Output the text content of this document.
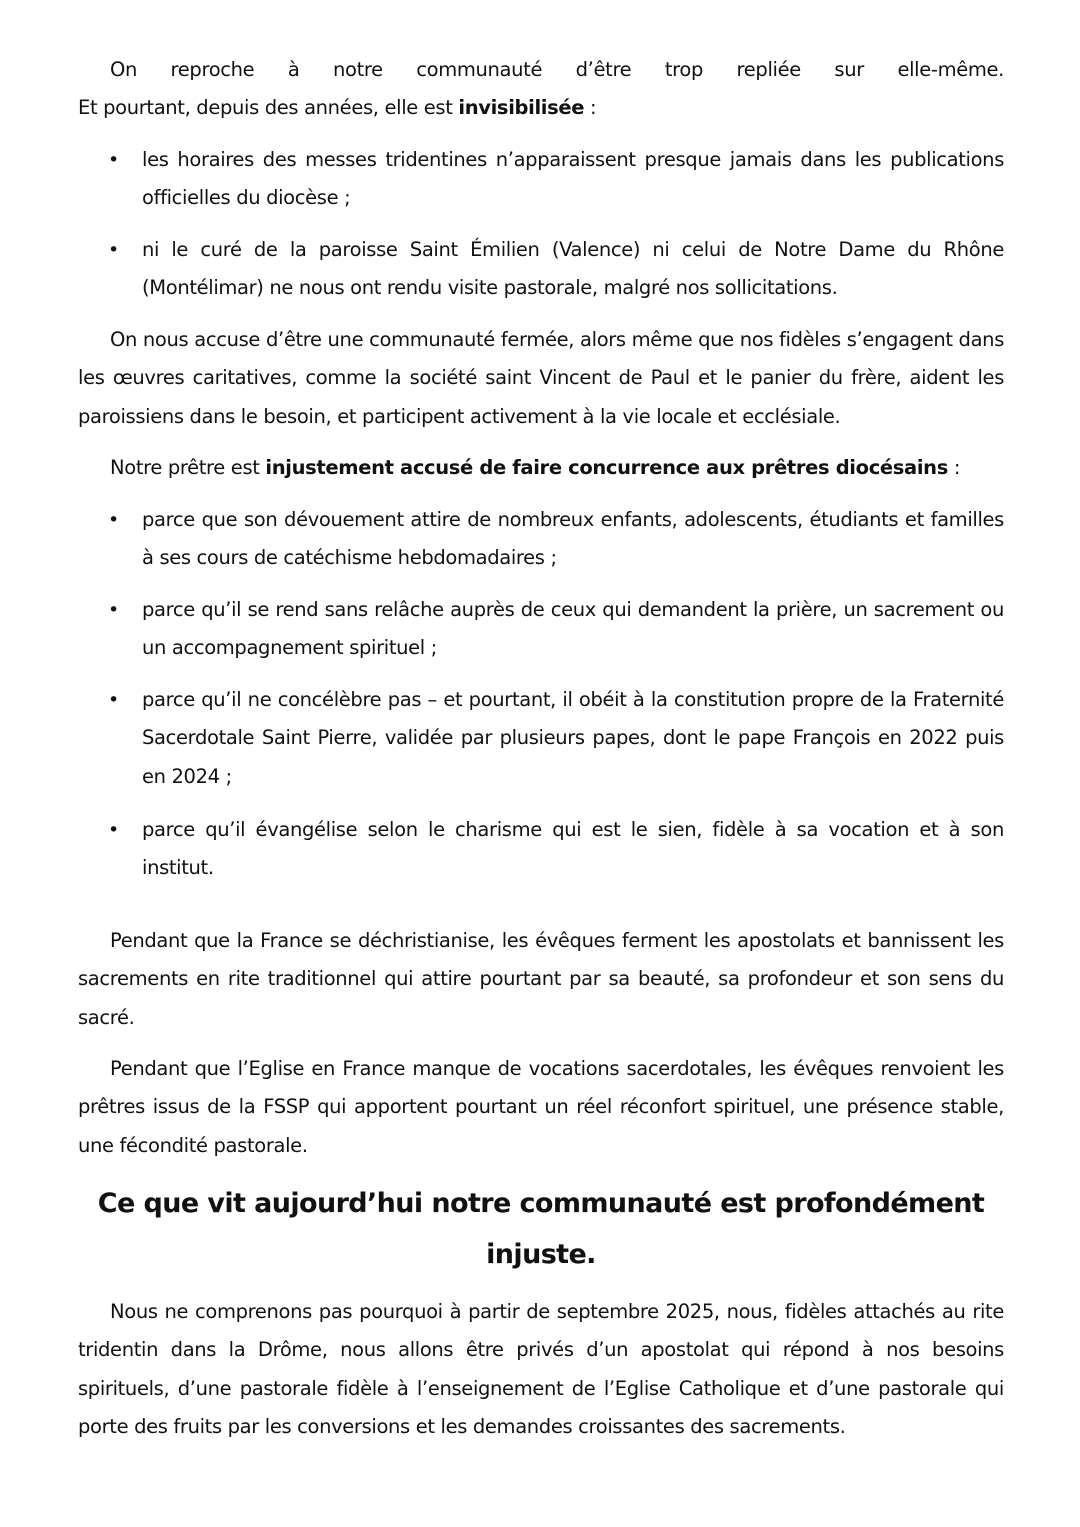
On reproche à notre communauté d’être trop repliée sur elle-même.
Et pourtant, depuis des années, elle est invisibilisée :
• les horaires des messes tridentines n’apparaissent presque jamais dans les publications officielles du diocèse ;
• ni le curé de la paroisse Saint Émilien (Valence) ni celui de Notre Dame du Rhône (Montélimar) ne nous ont rendu visite pastorale, malgré nos sollicitations.
On nous accuse d’être une communauté fermée, alors même que nos fidèles s’engagent dans les œuvres caritatives, comme la société saint Vincent de Paul et le panier du frère, aident les paroissiens dans le besoin, et participent activement à la vie locale et ecclésiale.
Notre prêtre est injustement accusé de faire concurrence aux prêtres diocésains :
• parce que son dévouement attire de nombreux enfants, adolescents, étudiants et familles à ses cours de catéchisme hebdomadaires ;
• parce qu’il se rend sans relâche auprès de ceux qui demandent la prière, un sacrement ou un accompagnement spirituel ;
• parce qu’il ne concélèbre pas – et pourtant, il obéit à la constitution propre de la Fraternité Sacerdotale Saint Pierre, validée par plusieurs papes, dont le pape François en 2022 puis en 2024 ;
• parce qu’il évangélise selon le charisme qui est le sien, fidèle à sa vocation et à son institut.
Pendant que la France se déchristianise, les évêques ferment les apostolats et bannissent les sacrements en rite traditionnel qui attire pourtant par sa beauté, sa profondeur et son sens du sacré.
Pendant que l’Eglise en France manque de vocations sacerdotales, les évêques renvoient les prêtres issus de la FSSP qui apportent pourtant un réel réconfort spirituel, une présence stable, une fécondité pastorale.
Ce que vit aujourd’hui notre communauté est profondément
injuste.
Nous ne comprenons pas pourquoi à partir de septembre 2025, nous, fidèles attachés au rite tridentin dans la Drôme, nous allons être privés d’un apostolat qui répond à nos besoins spirituels, d’une pastorale fidèle à l’enseignement de l’Eglise Catholique et d’une pastorale qui porte des fruits par les conversions et les demandes croissantes des sacrements.
